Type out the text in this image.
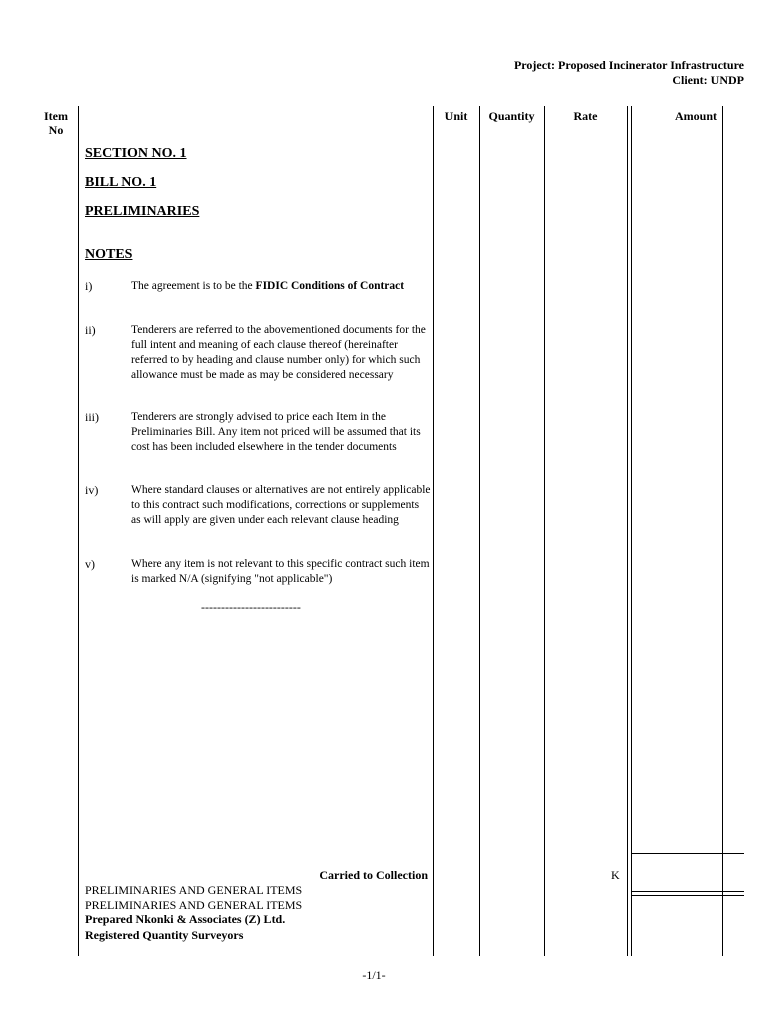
Project: Proposed Incinerator Infrastructure
Client: UNDP
Item
No
Unit	Quantity	Rate	Amount
SECTION NO. 1
BILL NO. 1
PRELIMINARIES
NOTES
i)	The agreement is to be the FIDIC Conditions of Contract
ii)	Tenderers are referred to the abovementioned documents for the full intent and meaning of each clause thereof (hereinafter referred to by heading and clause number only) for which such allowance must be made as may be considered necessary
iii)	Tenderers are strongly advised to price each Item in the Preliminaries Bill. Any item not priced will be assumed that its cost has been included elsewhere in the tender documents
iv)	Where standard clauses or alternatives are not entirely applicable to this contract such modifications, corrections or supplements as will apply are given under each relevant clause heading
v)	Where any item is not relevant to this specific contract such item is marked N/A (signifying "not applicable")
-------------------------
Carried to Collection	K
PRELIMINARIES AND GENERAL ITEMS
PRELIMINARIES AND GENERAL ITEMS
Prepared Nkonki & Associates (Z) Ltd.
Registered Quantity Surveyors
-1/1-
